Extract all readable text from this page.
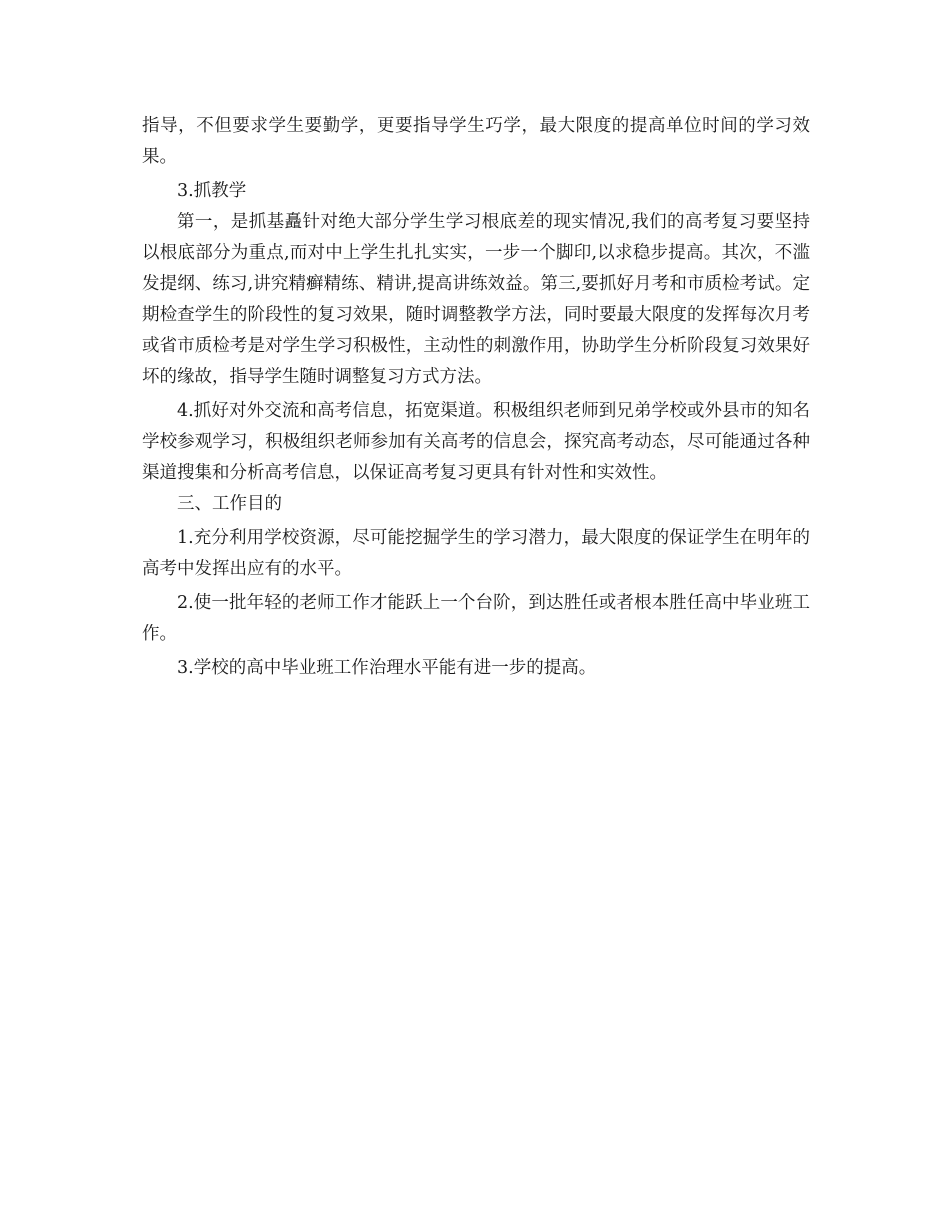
指导，不但要求学生要勤学，更要指导学生巧学，最大限度的提高单位时间的学习效果。

3.抓教学

第一，是抓基矗针对绝大部分学生学习根底差的现实情况,我们的高考复习要坚持以根底部分为重点,而对中上学生扎扎实实，一步一个脚印,以求稳步提高。其次，不滥发提纲、练习,讲究精癣精练、精讲,提高讲练效益。第三,要抓好月考和市质检考试。定期检查学生的阶段性的复习效果，随时调整教学方法，同时要最大限度的发挥每次月考或省市质检考是对学生学习积极性，主动性的刺激作用，协助学生分析阶段复习效果好坏的缘故，指导学生随时调整复习方式方法。

4.抓好对外交流和高考信息，拓宽渠道。积极组织老师到兄弟学校或外县市的知名学校参观学习，积极组织老师参加有关高考的信息会，探究高考动态，尽可能通过各种渠道搜集和分析高考信息，以保证高考复习更具有针对性和实效性。

三、工作目的

1.充分利用学校资源，尽可能挖掘学生的学习潜力，最大限度的保证学生在明年的高考中发挥出应有的水平。

2.使一批年轻的老师工作才能跃上一个台阶，到达胜任或者根本胜任高中毕业班工作。

3.学校的高中毕业班工作治理水平能有进一步的提高。
